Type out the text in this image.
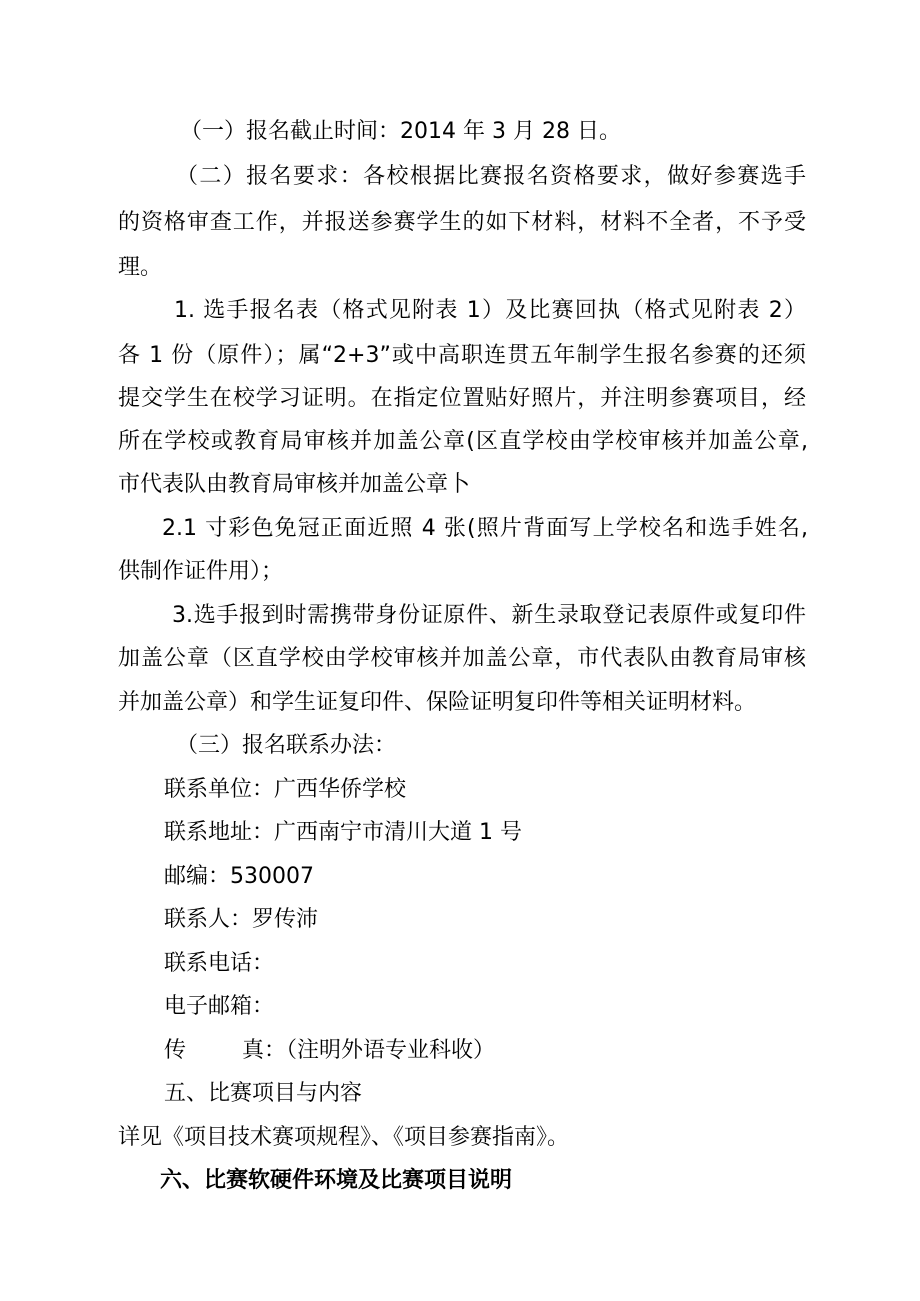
（一）报名截止时间：2014 年 3 月 28 日。
（二）报名要求：各校根据比赛报名资格要求，做好参赛选手
的资格审查工作，并报送参赛学生的如下材料，材料不全者，不予受
理。
1. 选手报名表（格式见附表 1）及比赛回执（格式见附表 2）
各 1 份（原件）；属“2+3”或中高职连贯五年制学生报名参赛的还须
提交学生在校学习证明。在指定位置贴好照片，并注明参赛项目，经
所在学校或教育局审核并加盖公章(区直学校由学校审核并加盖公章,
市代表队由教育局审核并加盖公章卜
2.1 寸彩色免冠正面近照 4 张(照片背面写上学校名和选手姓名,
供制作证件用）；
3.选手报到时需携带身份证原件、新生录取登记表原件或复印件
加盖公章（区直学校由学校审核并加盖公章，市代表队由教育局审核
并加盖公章）和学生证复印件、保险证明复印件等相关证明材料。
（三）报名联系办法：
联系单位：广西华侨学校
联系地址：广西南宁市清川大道 1 号
邮编：530007
联系人：罗传沛
联系电话：
电子邮箱：
传	真：（注明外语专业科收）
五、比赛项目与内容
详见《项目技术赛项规程》、《项目参赛指南》。
六、比赛软硬件环境及比赛项目说明
